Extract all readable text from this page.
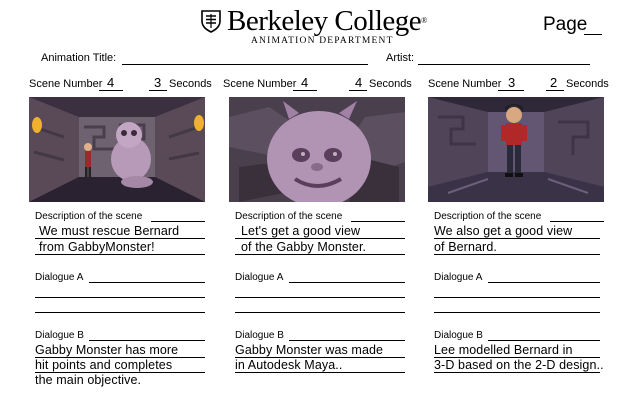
Berkeley College®
ANIMATION DEPARTMENT
Page
Animation Title:	Artist:
Scene Number 4	3 Seconds
Description of the scene
We must rescue Bernard
from GabbyMonster!
Dialogue A
Dialogue B
Gabby Monster has more
hit points and completes
the main objective.
Scene Number 4	4 Seconds
Description of the scene
Let's get a good view
of the Gabby Monster.
Dialogue A
Dialogue B
Gabby Monster was made
in Autodesk Maya..
Scene Number 3	2 Seconds
Description of the scene
We also get a good view
of Bernard.
Dialogue A
Dialogue B
Lee modelled Bernard in
3-D based on the 2-D design..
